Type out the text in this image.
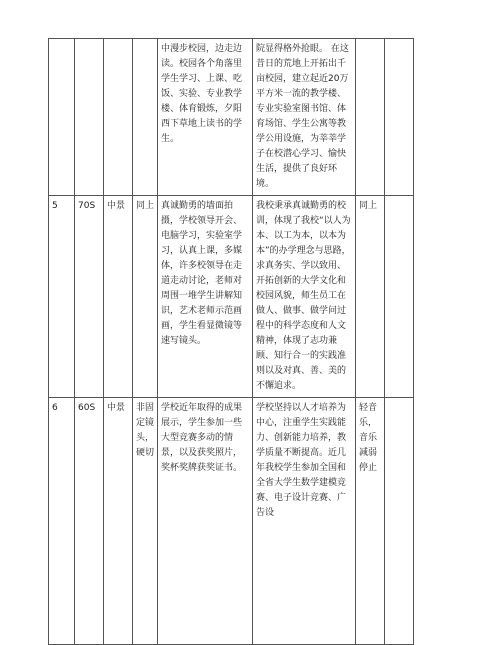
				中漫步校园，边走边读。校园各个角落里学生学习、上课、吃饭、实验、专业教学楼、体育锻炼，夕阳西下草地上读书的学生。	院显得格外抢眼。 在这昔日的荒地上开拓出千亩校园，建立起近20万平方米一流的教学楼、专业实验室图书馆、体育场馆、学生公寓等教学公用设施，为莘莘学子在校潜心学习、愉快生活，提供了良好环境。		
5	70S	中景	同上	真诚勤勇的墙面拍摄，学校领导开会、电脑学习，实验室学习，认真上课，多媒体，许多校领导在走道走动讨论，老师对周围一堆学生讲解知识，艺术老师示范画画，学生看显微镜等速写镜头。	我校秉承真诚勤勇的校训，体现了我校“以人为本、以工为本，以本为本”的办学理念与思路，求真务实、学以致用、开拓创新的大学文化和校园风貌，师生员工在做人、做事、做学问过程中的科学态度和人文精神，体现了志功兼顾、知行合一的实践准则以及对真、善、美的不懈追求。	同上	
6	60S	中景	非固定镜头，硬切	学校近年取得的成果展示，学生参加一些大型竞赛多动的情景，以及获奖照片，奖杯奖牌获奖证书。	学校坚持以人才培养为中心，注重学生实践能力、创新能力培养，教学质量不断提高。近几年我校学生参加全国和全省大学生数学建模竞赛、电子设计竞赛、广告设	轻音乐，音乐减弱停止	
